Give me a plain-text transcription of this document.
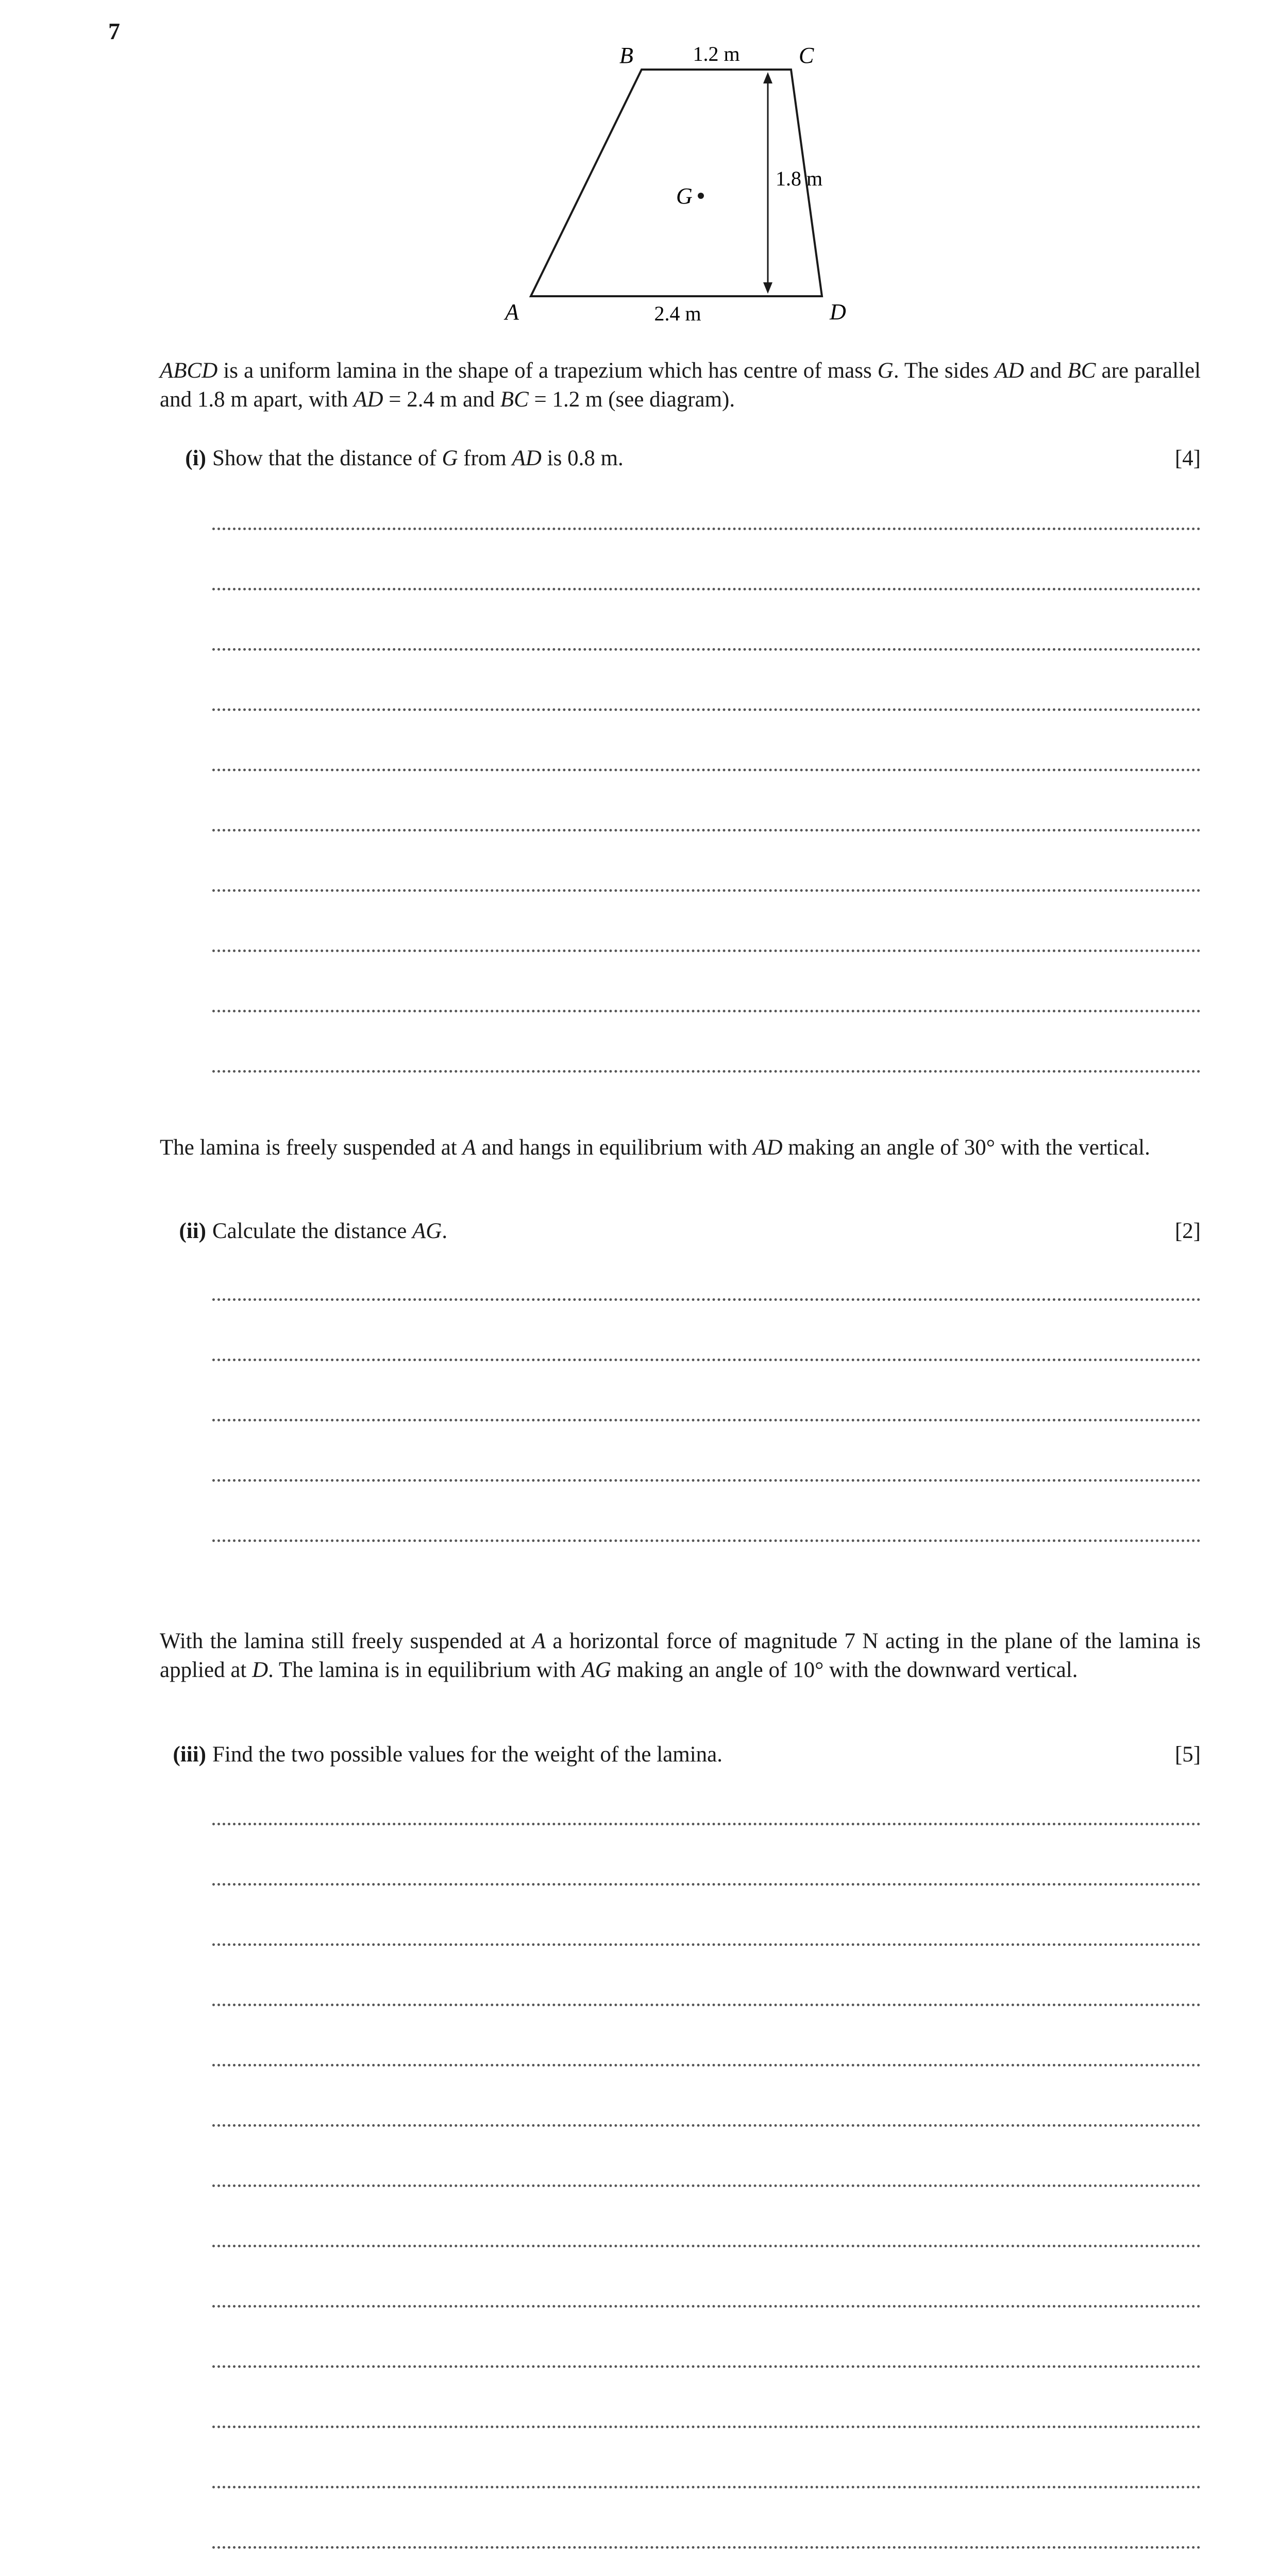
7
B	C
A	D
G
1.2 m
2.4 m
1.8 m
ABCD is a uniform lamina in the shape of a trapezium which has centre of mass G. The sides AD and BC are parallel and 1.8 m apart, with AD = 2.4 m and BC = 1.2 m (see diagram).
(i) Show that the distance of G from AD is 0.8 m.	[4]
The lamina is freely suspended at A and hangs in equilibrium with AD making an angle of 30° with the vertical.
(ii) Calculate the distance AG.	[2]
With the lamina still freely suspended at A a horizontal force of magnitude 7 N acting in the plane of the lamina is applied at D. The lamina is in equilibrium with AG making an angle of 10° with the downward vertical.
(iii) Find the two possible values for the weight of the lamina.	[5]
